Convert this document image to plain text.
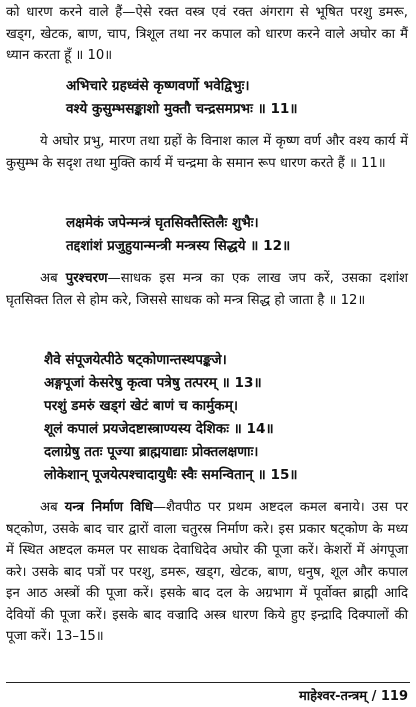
को धारण करने वाले हैं—ऐसे रक्त वस्त्र एवं रक्त अंगराग से भूषित परशु डमरू, खड्ग, खेटक, बाण, चाप, त्रिशूल तथा नर कपाल को धारण करने वाले अघोर का मैं ध्यान करता हूँ ॥ 10॥

अभिचारे ग्रहध्वंसे कृष्णवर्णो भवेद्विभुः।

वश्ये कुसुम्भसङ्काशो मुक्तौ चन्द्रसमप्रभः ॥ 11॥

ये अघोर प्रभु, मारण तथा ग्रहों के विनाश काल में कृष्ण वर्ण और वश्य कार्य में कुसुम्भ के सदृश तथा मुक्ति कार्य में चन्द्रमा के समान रूप धारण करते हैं ॥ 11॥

लक्षमेकं जपेन्मन्त्रं घृतसिक्तैस्तिलैः शुभैः।

तद्दशांशं प्रजुहुयान्मन्त्री मन्त्रस्य सिद्धये ॥ 12॥

अब पुरश्चरण—साधक इस मन्त्र का एक लाख जप करें, उसका दशांश घृतसिक्त तिल से होम करे, जिससे साधक को मन्त्र सिद्ध हो जाता है ॥ 12॥

शैवे संपूजयेत्पीठे षट्कोणान्तस्थपङ्कजे।

अङ्गपूजां केसरेषु कृत्वा पत्रेषु तत्परम् ॥ 13॥

परशुं डमरुं खड्गं खेटं बाणं च कार्मुकम्।

शूलं कपालं प्रयजेदष्टास्त्राण्यस्य देशिकः ॥ 14॥

दलाग्रेषु ततः पूज्या ब्राह्मयाद्याः प्रोक्तलक्षणाः।

लोकेशान् पूजयेत्पश्चादायुधैः स्वैः समन्वितान् ॥ 15॥

अब यन्त्र निर्माण विधि—शैवपीठ पर प्रथम अष्टदल कमल बनाये। उस पर षट्कोण, उसके बाद चार द्वारों वाला चतुरस्र निर्माण करे। इस प्रकार षट्कोण के मध्य में स्थित अष्टदल कमल पर साधक देवाधिदेव अघोर की पूजा करें। केशरों में अंगपूजा करे। उसके बाद पत्रों पर परशु, डमरू, खड्ग, खेटक, बाण, धनुष, शूल और कपाल इन आठ अस्त्रों की पूजा करें। इसके बाद दल के अग्रभाग में पूर्वोक्त ब्राह्मी आदि देवियों की पूजा करें। इसके बाद वज्रादि अस्त्र धारण किये हुए इन्द्रादि दिक्पालों की पूजा करें। 13–15॥

माहेश्वर-तन्त्रम् / 119
